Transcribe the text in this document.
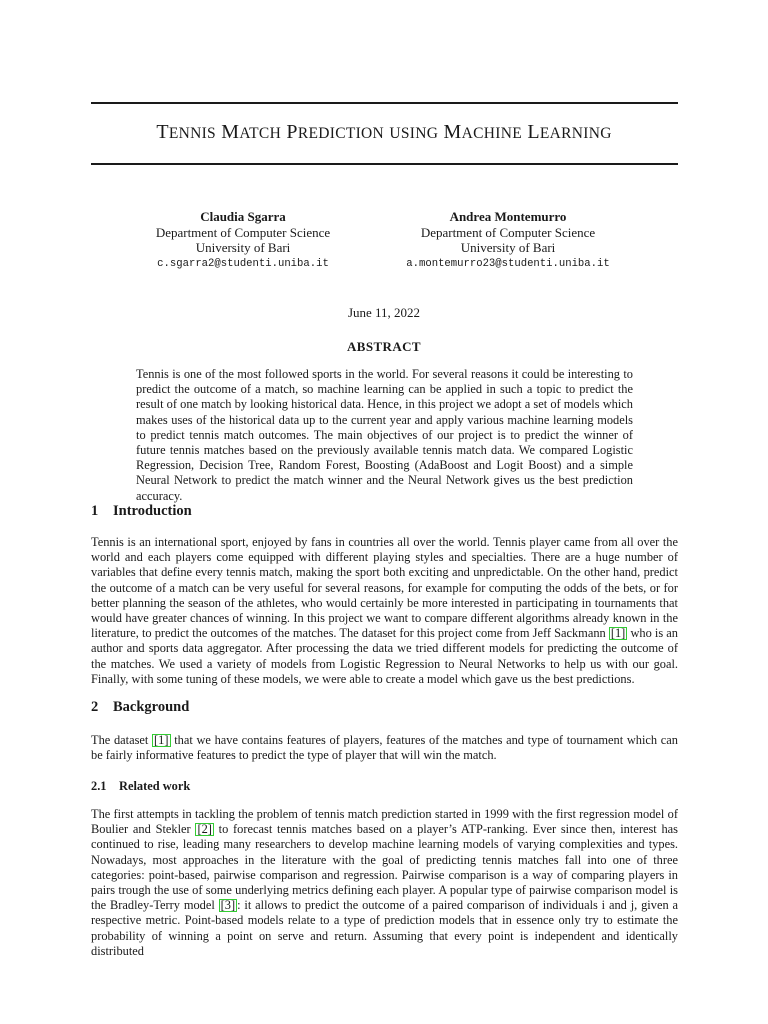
TENNIS MATCH PREDICTION USING MACHINE LEARNING
Claudia Sgarra
Department of Computer Science
University of Bari
c.sgarra2@studenti.uniba.it
Andrea Montemurro
Department of Computer Science
University of Bari
a.montemurro23@studenti.uniba.it
June 11, 2022
ABSTRACT
Tennis is one of the most followed sports in the world. For several reasons it could be interesting to predict the outcome of a match, so machine learning can be applied in such a topic to predict the result of one match by looking historical data. Hence, in this project we adopt a set of models which makes uses of the historical data up to the current year and apply various machine learning models to predict tennis match outcomes. The main objectives of our project is to predict the winner of future tennis matches based on the previously available tennis match data. We compared Logistic Regression, Decision Tree, Random Forest, Boosting (AdaBoost and Logit Boost) and a simple Neural Network to predict the match winner and the Neural Network gives us the best prediction accuracy.
1 Introduction
Tennis is an international sport, enjoyed by fans in countries all over the world. Tennis player came from all over the world and each players come equipped with different playing styles and specialties. There are a huge number of variables that define every tennis match, making the sport both exciting and unpredictable. On the other hand, predict the outcome of a match can be very useful for several reasons, for example for computing the odds of the bets, or for better planning the season of the athletes, who would certainly be more interested in participating in tournaments that would have greater chances of winning. In this project we want to compare different algorithms already known in the literature, to predict the outcomes of the matches. The dataset for this project come from Jeff Sackmann [1] who is an author and sports data aggregator. After processing the data we tried different models for predicting the outcome of the matches. We used a variety of models from Logistic Regression to Neural Networks to help us with our goal. Finally, with some tuning of these models, we were able to create a model which gave us the best predictions.
2 Background
The dataset [1] that we have contains features of players, features of the matches and type of tournament which can be fairly informative features to predict the type of player that will win the match.
2.1 Related work
The first attempts in tackling the problem of tennis match prediction started in 1999 with the first regression model of Boulier and Stekler [2] to forecast tennis matches based on a player’s ATP-ranking. Ever since then, interest has continued to rise, leading many researchers to develop machine learning models of varying complexities and types. Nowadays, most approaches in the literature with the goal of predicting tennis matches fall into one of three categories: point-based, pairwise comparison and regression. Pairwise comparison is a way of comparing players in pairs trough the use of some underlying metrics defining each player. A popular type of pairwise comparison model is the Bradley-Terry model [3] : it allows to predict the outcome of a paired comparison of individuals i and j, given a respective metric. Point-based models relate to a type of prediction models that in essence only try to estimate the probability of winning a point on serve and return. Assuming that every point is independent and identically distributed
